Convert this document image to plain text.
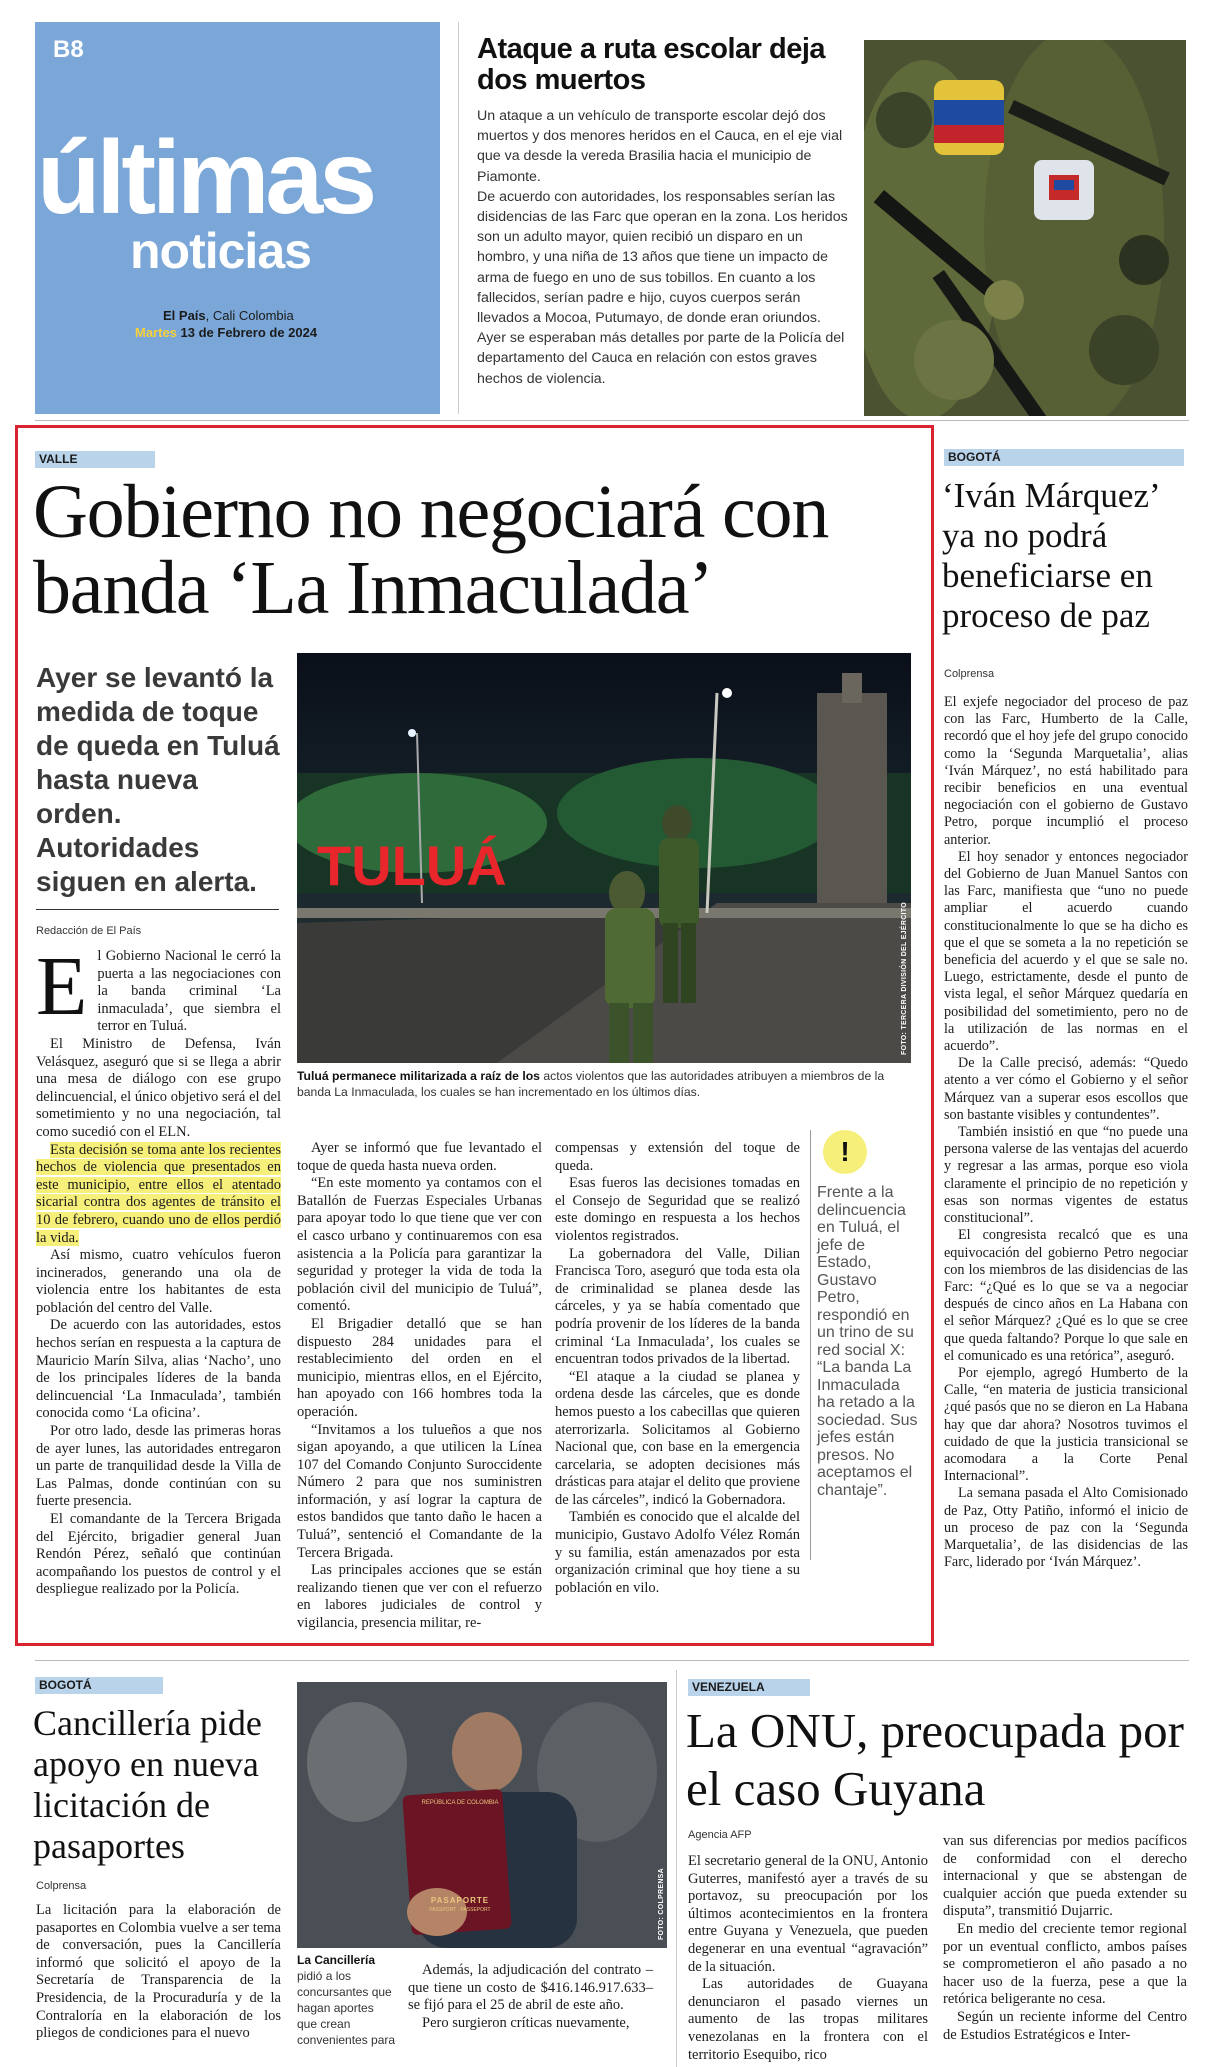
B8
últimas
noticias
El País, Cali Colombia
Martes 13 de Febrero de 2024
Ataque a ruta escolar deja dos muertos

Un ataque a un vehículo de transporte escolar dejó dos muertos y dos menores heridos en el Cauca, en el eje vial que va desde la vereda Brasilia hacia el municipio de Piamonte.

De acuerdo con autoridades, los responsables serían las disidencias de las Farc que operan en la zona. Los heridos son un adulto mayor, quien recibió un disparo en un hombro, y una niña de 13 años que tiene un impacto de arma de fuego en uno de sus tobillos. En cuanto a los fallecidos, serían padre e hijo, cuyos cuerpos serán llevados a Mocoa, Putumayo, de donde eran oriundos.

Ayer se esperaban más detalles por parte de la Policía del departamento del Cauca en relación con estos graves hechos de violencia.

VALLE
Gobierno no negociará con banda ‘La Inmaculada’
Ayer se levantó la medida de toque de queda en Tuluá hasta nueva orden. Autoridades siguen en alerta.
Redacción de El País
TULUÁ
FOTO: TERCERA DIVISIÓN DEL EJÉRCITO
Tuluá permanece militarizada a raíz de los actos violentos que las autoridades atribuyen a miembros de la banda La Inmaculada, los cuales se han incrementado en los últimos días.
E l Gobierno Nacional le cerró la puerta a las negociaciones con la banda criminal ‘La inmaculada’, que siembra el terror en Tuluá.

El Ministro de Defensa, Iván Velásquez, aseguró que si se llega a abrir una mesa de diálogo con ese grupo delincuencial, el único objetivo será el del sometimiento y no una negociación, tal como sucedió con el ELN.

Esta decisión se toma ante los recientes hechos de violencia que presentados en este municipio, entre ellos el atentado sicarial contra dos agentes de tránsito el 10 de febrero, cuando uno de ellos perdió la vida.

Así mismo, cuatro vehículos fueron incinerados, generando una ola de violencia entre los habitantes de esta población del centro del Valle.

De acuerdo con las autoridades, estos hechos serían en respuesta a la captura de Mauricio Marín Silva, alias ‘Nacho’, uno de los principales líderes de la banda delincuencial ‘La Inmaculada’, también conocida como ‘La oficina’.

Por otro lado, desde las primeras horas de ayer lunes, las autoridades entregaron un parte de tranquilidad desde la Villa de Las Palmas, donde continúan con su fuerte presencia.

El comandante de la Tercera Brigada del Ejército, brigadier general Juan Rendón Pérez, señaló que continúan acompañando los puestos de control y el despliegue realizado por la Policía.

Ayer se informó que fue levantado el toque de queda hasta nueva orden.

“En este momento ya contamos con el Batallón de Fuerzas Especiales Urbanas para apoyar todo lo que tiene que ver con el casco urbano y continuaremos con esa asistencia a la Policía para garantizar la seguridad y proteger la vida de toda la población civil del municipio de Tuluá”, comentó.

El Brigadier detalló que se han dispuesto 284 unidades para el restablecimiento del orden en el municipio, mientras ellos, en el Ejército, han apoyado con 166 hombres toda la operación.

“Invitamos a los tulueños a que nos sigan apoyando, a que utilicen la Línea 107 del Comando Conjunto Suroccidente Número 2 para que nos suministren información, y así lograr la captura de estos bandidos que tanto daño le hacen a Tuluá”, sentenció el Comandante de la Tercera Brigada.

Las principales acciones que se están realizando tienen que ver con el refuerzo en labores judiciales de control y vigilancia, presencia militar, re-

compensas y extensión del toque de queda.

Esas fueros las decisiones tomadas en el Consejo de Seguridad que se realizó este domingo en respuesta a los hechos violentos registrados.

La gobernadora del Valle, Dilian Francisca Toro, aseguró que toda esta ola de criminalidad se planea desde las cárceles, y ya se había comentado que podría provenir de los líderes de la banda criminal ‘La Inmaculada’, los cuales se encuentran todos privados de la libertad.

“El ataque a la ciudad se planea y ordena desde las cárceles, que es donde hemos puesto a los cabecillas que quieren aterrorizarla. Solicitamos al Gobierno Nacional que, con base en la emergencia carcelaria, se adopten decisiones más drásticas para atajar el delito que proviene de las cárceles”, indicó la Gobernadora.

También es conocido que el alcalde del municipio, Gustavo Adolfo Vélez Román y su familia, están amenazados por esta organización criminal que hoy tiene a su población en vilo.

!
Frente a la delincuencia en Tuluá, el jefe de Estado, Gustavo Petro, respondió en un trino de su red social X: “La banda La Inmaculada ha retado a la sociedad. Sus jefes están presos. No aceptamos el chantaje”.
BOGOTÁ
‘Iván Márquez’ ya no podrá beneficiarse en proceso de paz
Colprensa

El exjefe negociador del proceso de paz con las Farc, Humberto de la Calle, recordó que el hoy jefe del grupo conocido como la ‘Segunda Marquetalia’, alias ‘Iván Márquez’, no está habilitado para recibir beneficios en una eventual negociación con el gobierno de Gustavo Petro, porque incumplió el proceso anterior.

El hoy senador y entonces negociador del Gobierno de Juan Manuel Santos con las Farc, manifiesta que “uno no puede ampliar el acuerdo cuando constitucionalmente lo que se ha dicho es que el que se someta a la no repetición se beneficia del acuerdo y el que se sale no. Luego, estrictamente, desde el punto de vista legal, el señor Márquez quedaría en posibilidad del sometimiento, pero no de la utilización de las normas en el acuerdo”.

De la Calle precisó, además: “Quedo atento a ver cómo el Gobierno y el señor Márquez van a superar esos escollos que son bastante visibles y contundentes”.

También insistió en que “no puede una persona valerse de las ventajas del acuerdo y regresar a las armas, porque eso viola claramente el principio de no repetición y esas son normas vigentes de estatus constitucional”.

El congresista recalcó que es una equivocación del gobierno Petro negociar con los miembros de las disidencias de las Farc: “¿Qué es lo que se va a negociar después de cinco años en La Habana con el señor Márquez? ¿Qué es lo que se cree que queda faltando? Porque lo que sale en el comunicado es una retórica”, aseguró.

Por ejemplo, agregó Humberto de la Calle, “en materia de justicia transicional ¿qué pasós que no se dieron en La Habana hay que dar ahora? Nosotros tuvimos el cuidado de que la justicia transicional se acomodara a la Corte Penal Internacional”.

La semana pasada el Alto Comisionado de Paz, Otty Patiño, informó el inicio de un proceso de paz con la ‘Segunda Marquetalia’, de las disidencias de las Farc, liderado por ‘Iván Márquez’.

BOGOTÁ
Cancillería pide apoyo en nueva licitación de pasaportes
Colprensa

La licitación para la elaboración de pasaportes en Colombia vuelve a ser tema de conversación, pues la Cancillería informó que solicitó el apoyo de la Secretaría de Transparencia de la Presidencia, de la Procuraduría y de la Contraloría en la elaboración de los pliegos de condiciones para el nuevo

REPÚBLICA DE COLOMBIA
PASAPORTE
PASSPORT · PASSEPORT	FOTO: COLPRENSA
La Cancillería pidió a los concursantes que hagan aportes que crean convenientes para

Además, la adjudicación del contrato –que tiene un costo de $416.146.917.633– se fijó para el 25 de abril de este año.

Pero surgieron críticas nuevamente,

VENEZUELA
La ONU, preocupada por el caso Guyana
Agencia AFP

El secretario general de la ONU, Antonio Guterres, manifestó ayer a través de su portavoz, su preocupación por los últimos acontecimientos en la frontera entre Guyana y Venezuela, que pueden degenerar en una eventual “agravación” de la situación.

Las autoridades de Guayana denunciaron el pasado viernes un aumento de las tropas militares venezolanas en la frontera con el territorio Esequibo, rico

van sus diferencias por medios pacíficos de conformidad con el derecho internacional y que se abstengan de cualquier acción que pueda extender su disputa”, transmitió Dujarric.

En medio del creciente temor regional por un eventual conflicto, ambos países se comprometieron el año pasado a no hacer uso de la fuerza, pese a que la retórica beligerante no cesa.

Según un reciente informe del Centro de Estudios Estratégicos e Inter-
